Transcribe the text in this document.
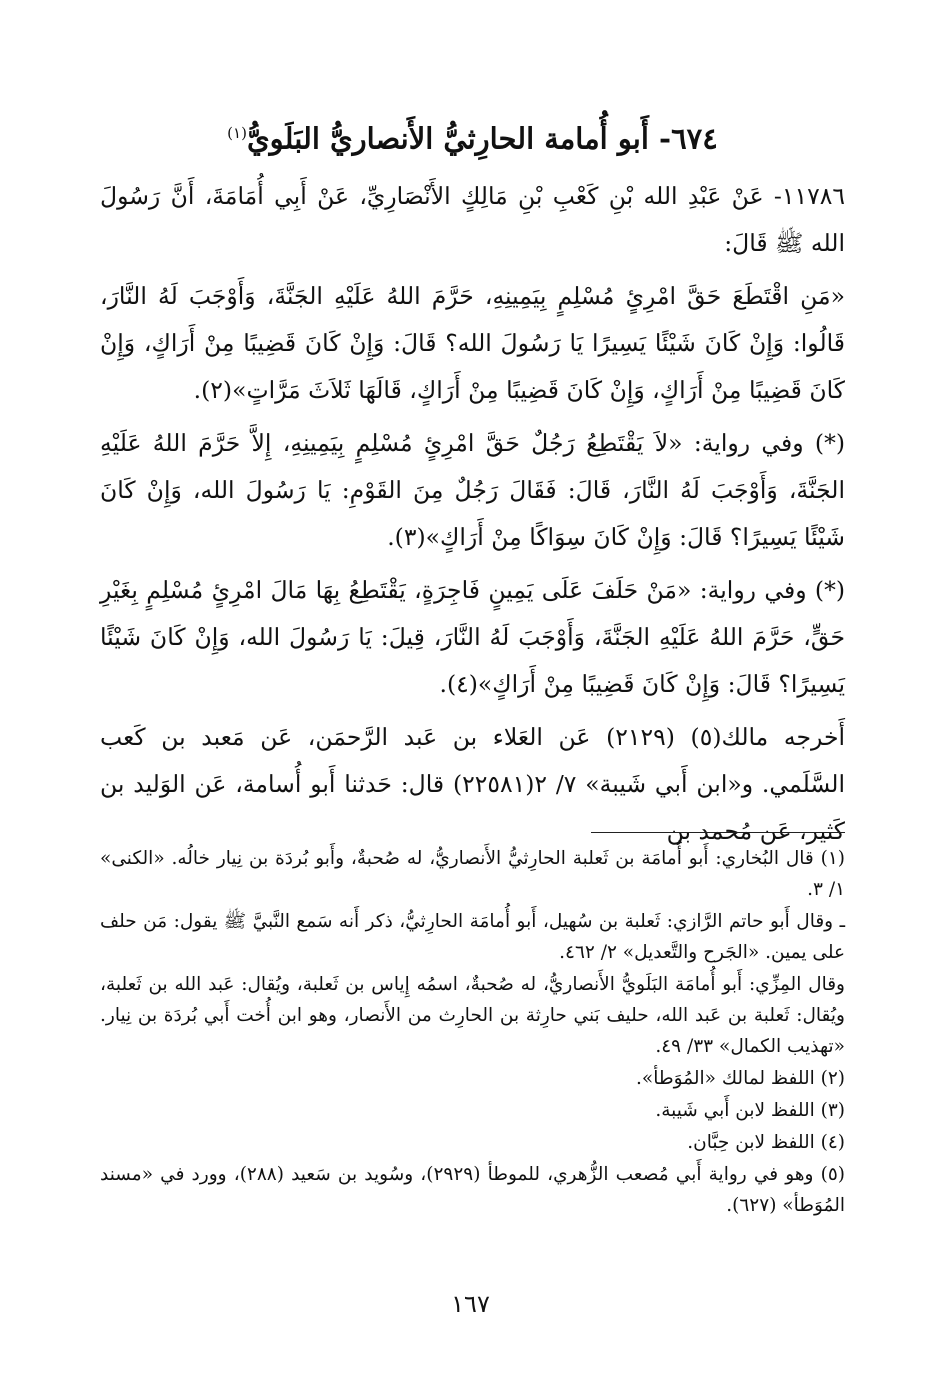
٦٧٤- أَبو أُمامة الحارِثيُّ الأَنصاريُّ البَلَويُّ$^{(١)}$

١١٧٨٦- عَنْ عَبْدِ الله بْنِ كَعْبِ بْنِ مَالِكٍ الأَنْصَارِيِّ، عَنْ أَبِي أُمَامَةَ، أَنَّ رَسُولَ الله ﷺ قَالَ:

«مَنِ اقْتَطَعَ حَقَّ امْرِئٍ مُسْلِمٍ بِيَمِينِهِ، حَرَّمَ اللهُ عَلَيْهِ الجَنَّةَ، وَأَوْجَبَ لَهُ النَّارَ، قَالُوا: وَإِنْ كَانَ شَيْئًا يَسِيرًا يَا رَسُولَ الله؟ قَالَ: وَإِنْ كَانَ قَضِيبًا مِنْ أَرَاكٍ، وَإِنْ كَانَ قَضِيبًا مِنْ أَرَاكٍ، وَإِنْ كَانَ قَضِيبًا مِنْ أَرَاكٍ، قَالَهَا ثَلاَثَ مَرَّاتٍ»(٢).

(*) وفي رواية: «لاَ يَقْتَطِعُ رَجُلٌ حَقَّ امْرِئٍ مُسْلِمٍ بِيَمِينِهِ، إِلاَّ حَرَّمَ اللهُ عَلَيْهِ الجَنَّةَ، وَأَوْجَبَ لَهُ النَّارَ، قَالَ: فَقَالَ رَجُلٌ مِنَ القَوْمِ: يَا رَسُولَ الله، وَإِنْ كَانَ شَيْئًا يَسِيرًا؟ قَالَ: وَإِنْ كَانَ سِوَاكًا مِنْ أَرَاكٍ»(٣).

(*) وفي رواية: «مَنْ حَلَفَ عَلَى يَمِينٍ فَاجِرَةٍ، يَقْتَطِعُ بِهَا مَالَ امْرِئٍ مُسْلِمٍ بِغَيْرِ حَقٍّ، حَرَّمَ اللهُ عَلَيْهِ الجَنَّةَ، وَأَوْجَبَ لَهُ النَّارَ، قِيلَ: يَا رَسُولَ الله، وَإِنْ كَانَ شَيْئًا يَسِيرًا؟ قَالَ: وَإِنْ كَانَ قَضِيبًا مِنْ أَرَاكٍ»(٤).

أَخرجه مالك(٥) (٢١٢٩) عَن العَلاء بن عَبد الرَّحمَن، عَن مَعبد بن كَعب السَّلَمي. و«ابن أَبي شَيبة» ٧/ ٢(٢٢٥٨١) قال: حَدثنا أَبو أُسامة، عَن الوَليد بن كَثير، عَن مُحمد بن

(١) قال البُخاري: أَبو أُمامَة بن ثَعلبة الحارِثيُّ الأَنصاريُّ، له صُحبةٌ، وأَبو بُردَة بن نِيار خالُه. «الكنى» ١/ ٣.

ـ وقال أَبو حاتم الرَّازي: ثَعلبة بن سُهيل، أَبو أُمامَة الحارِثيُّ، ذكر أَنه سَمع النَّبيَّ ﷺ يقول: مَن حلف على يمين. «الجَرح والتَّعديل» ٢/ ٤٦٢.

وقال المِزِّي: أَبو أُمامَة البَلَويُّ الأَنصاريُّ، له صُحبةٌ، اسمُه إِياس بن ثَعلبة، ويُقال: عَبد الله بن ثَعلبة، ويُقال: ثَعلبة بن عَبد الله، حليف بَني حارِثة بن الحارِث من الأَنصار، وهو ابن أُخت أَبي بُردَة بن نِيار. «تهذيب الكمال» ٣٣/ ٤٩.

(٢) اللفظ لمالك «المُوَطأ».

(٣) اللفظ لابن أَبي شَيبة.

(٤) اللفظ لابن حِبَّان.

(٥) وهو في رواية أَبي مُصعب الزُّهري، للموطأ (٢٩٢٩)، وسُويد بن سَعيد (٢٨٨)، وورد في «مسند المُوَطأ» (٦٢٧).

١٦٧
